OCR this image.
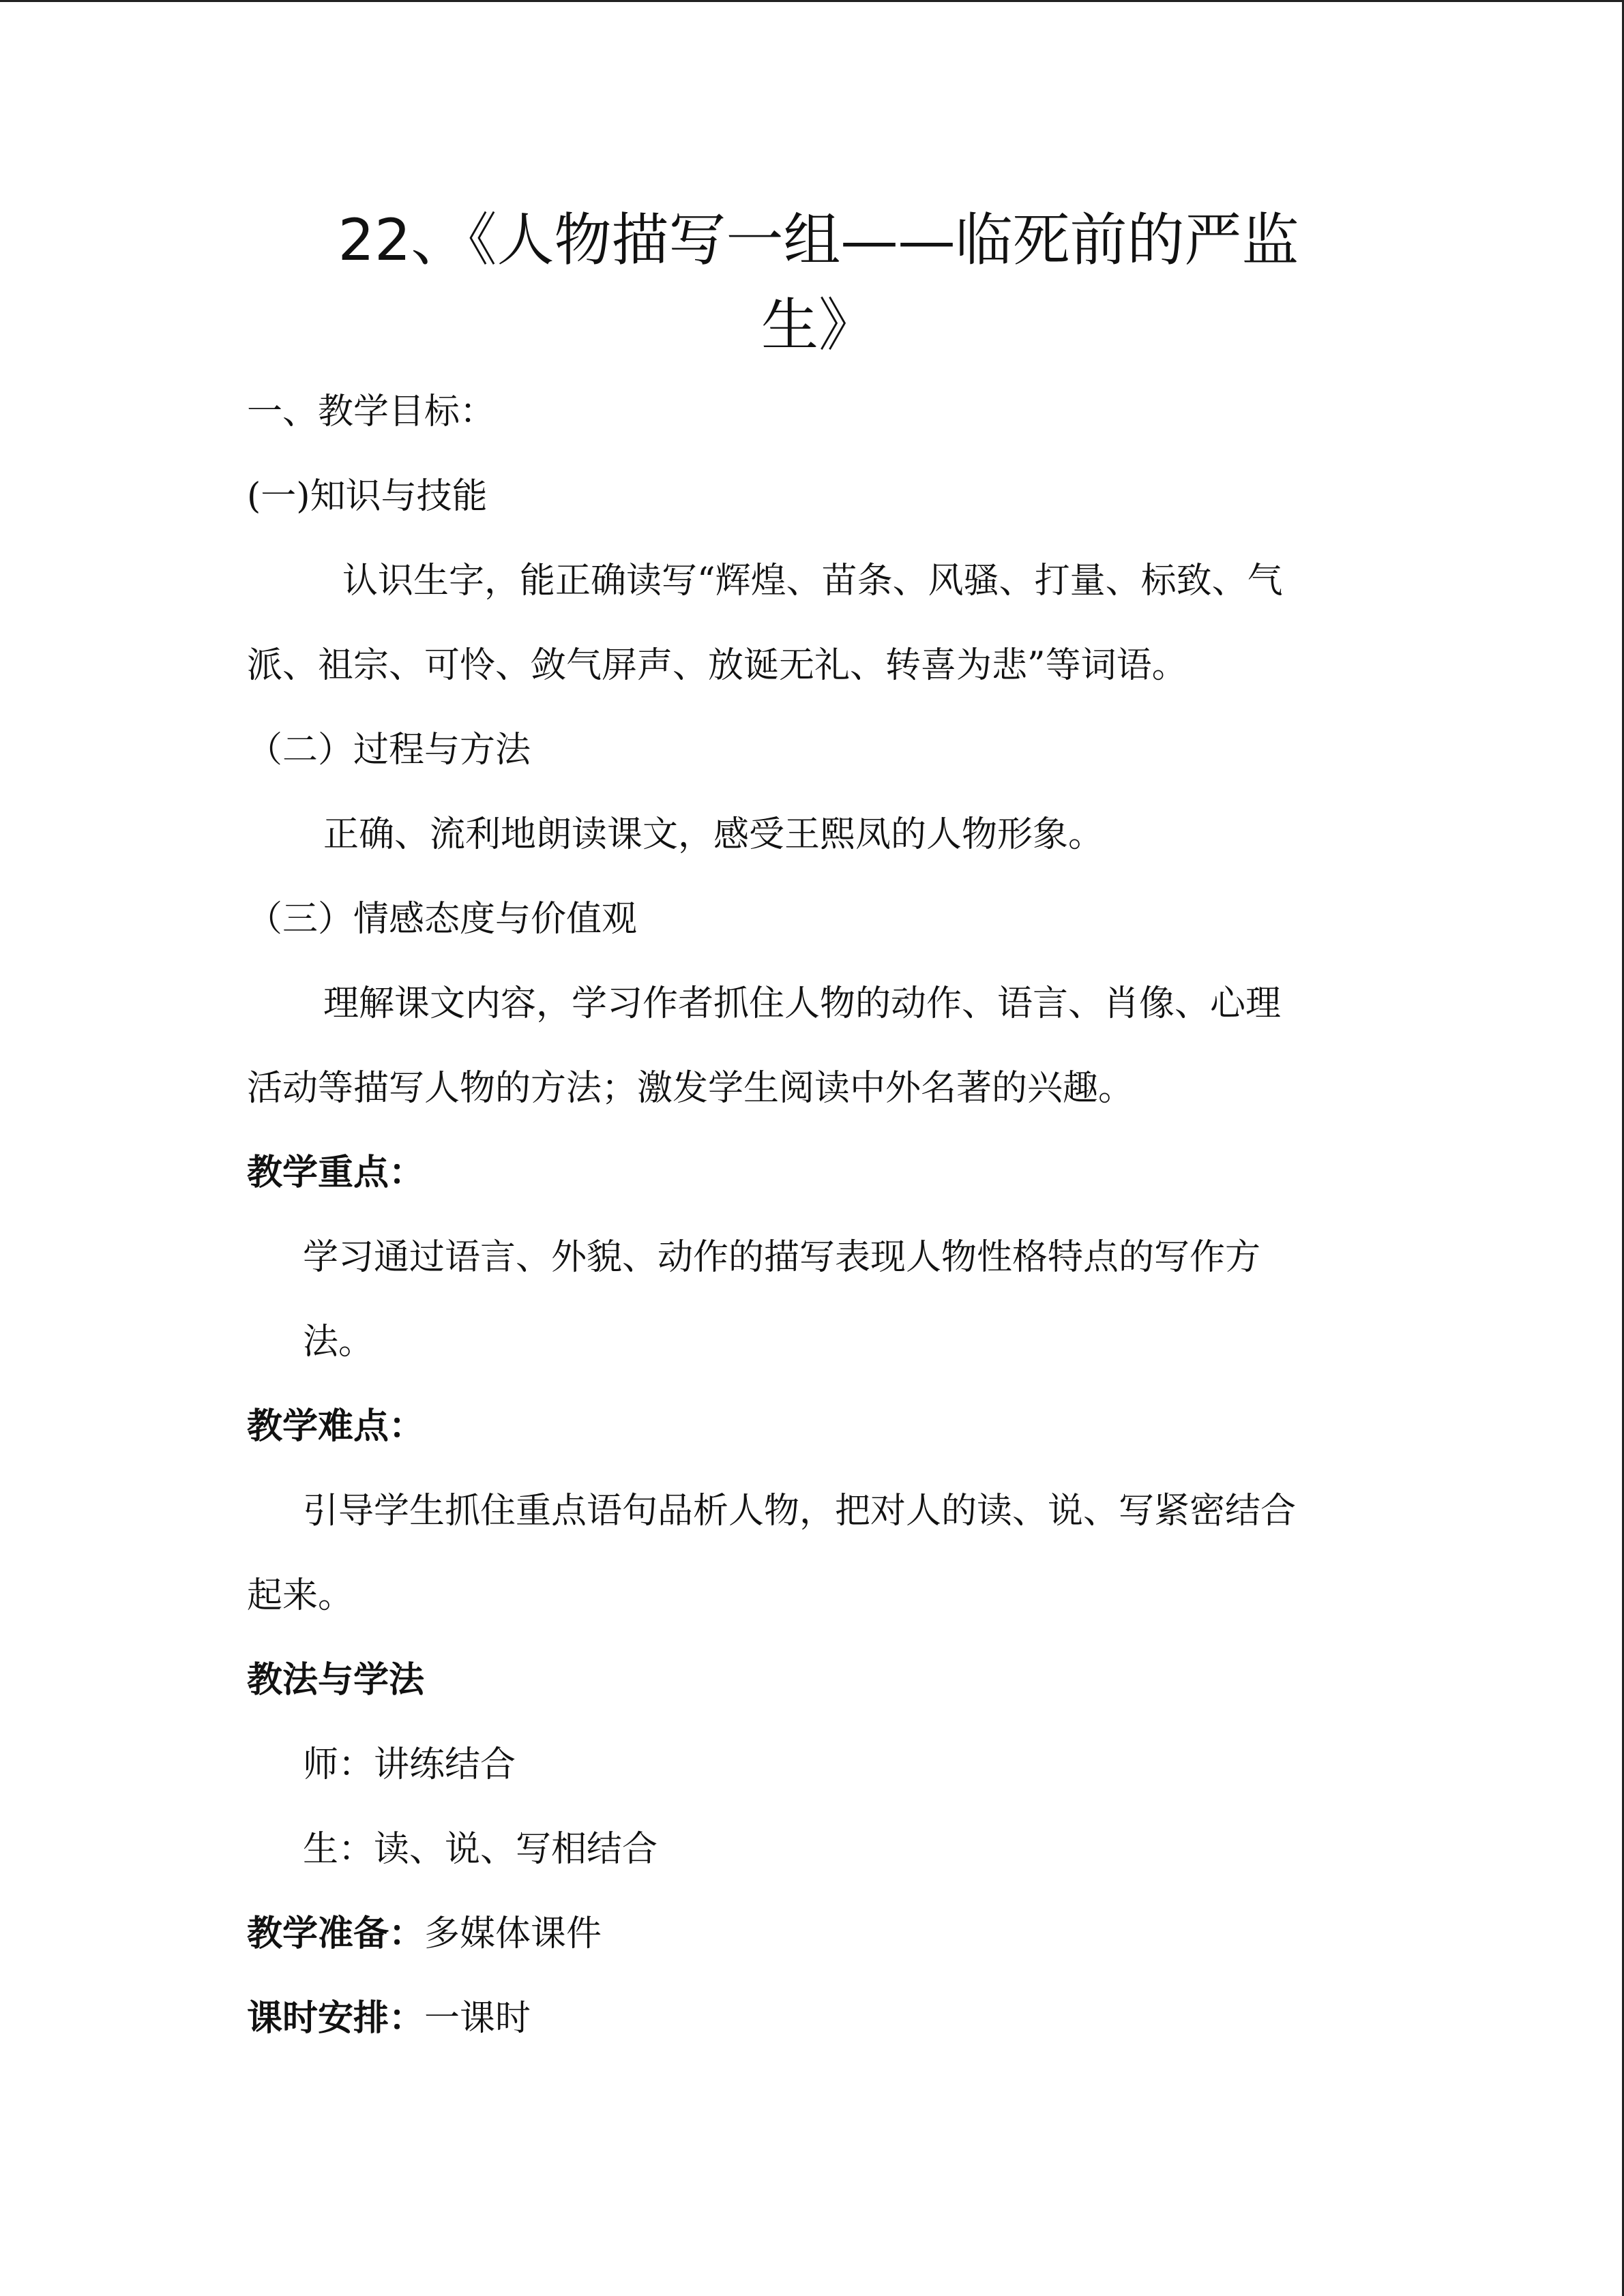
22、《人物描写一组——临死前的严监
生》
一、教学目标：
(一)知识与技能
认识生字，能正确读写“辉煌、苗条、风骚、打量、标致、气
派、祖宗、可怜、敛气屏声、放诞无礼、转喜为悲”等词语。
（二）过程与方法
正确、流利地朗读课文，感受王熙凤的人物形象。
（三）情感态度与价值观
理解课文内容，学习作者抓住人物的动作、语言、肖像、心理
活动等描写人物的方法；激发学生阅读中外名著的兴趣。
教学重点：
学习通过语言、外貌、动作的描写表现人物性格特点的写作方
法。
教学难点：
引导学生抓住重点语句品析人物，把对人的读、说、写紧密结合
起来。
教法与学法
师：讲练结合
生：读、说、写相结合
教学准备：多媒体课件
课时安排：一课时
